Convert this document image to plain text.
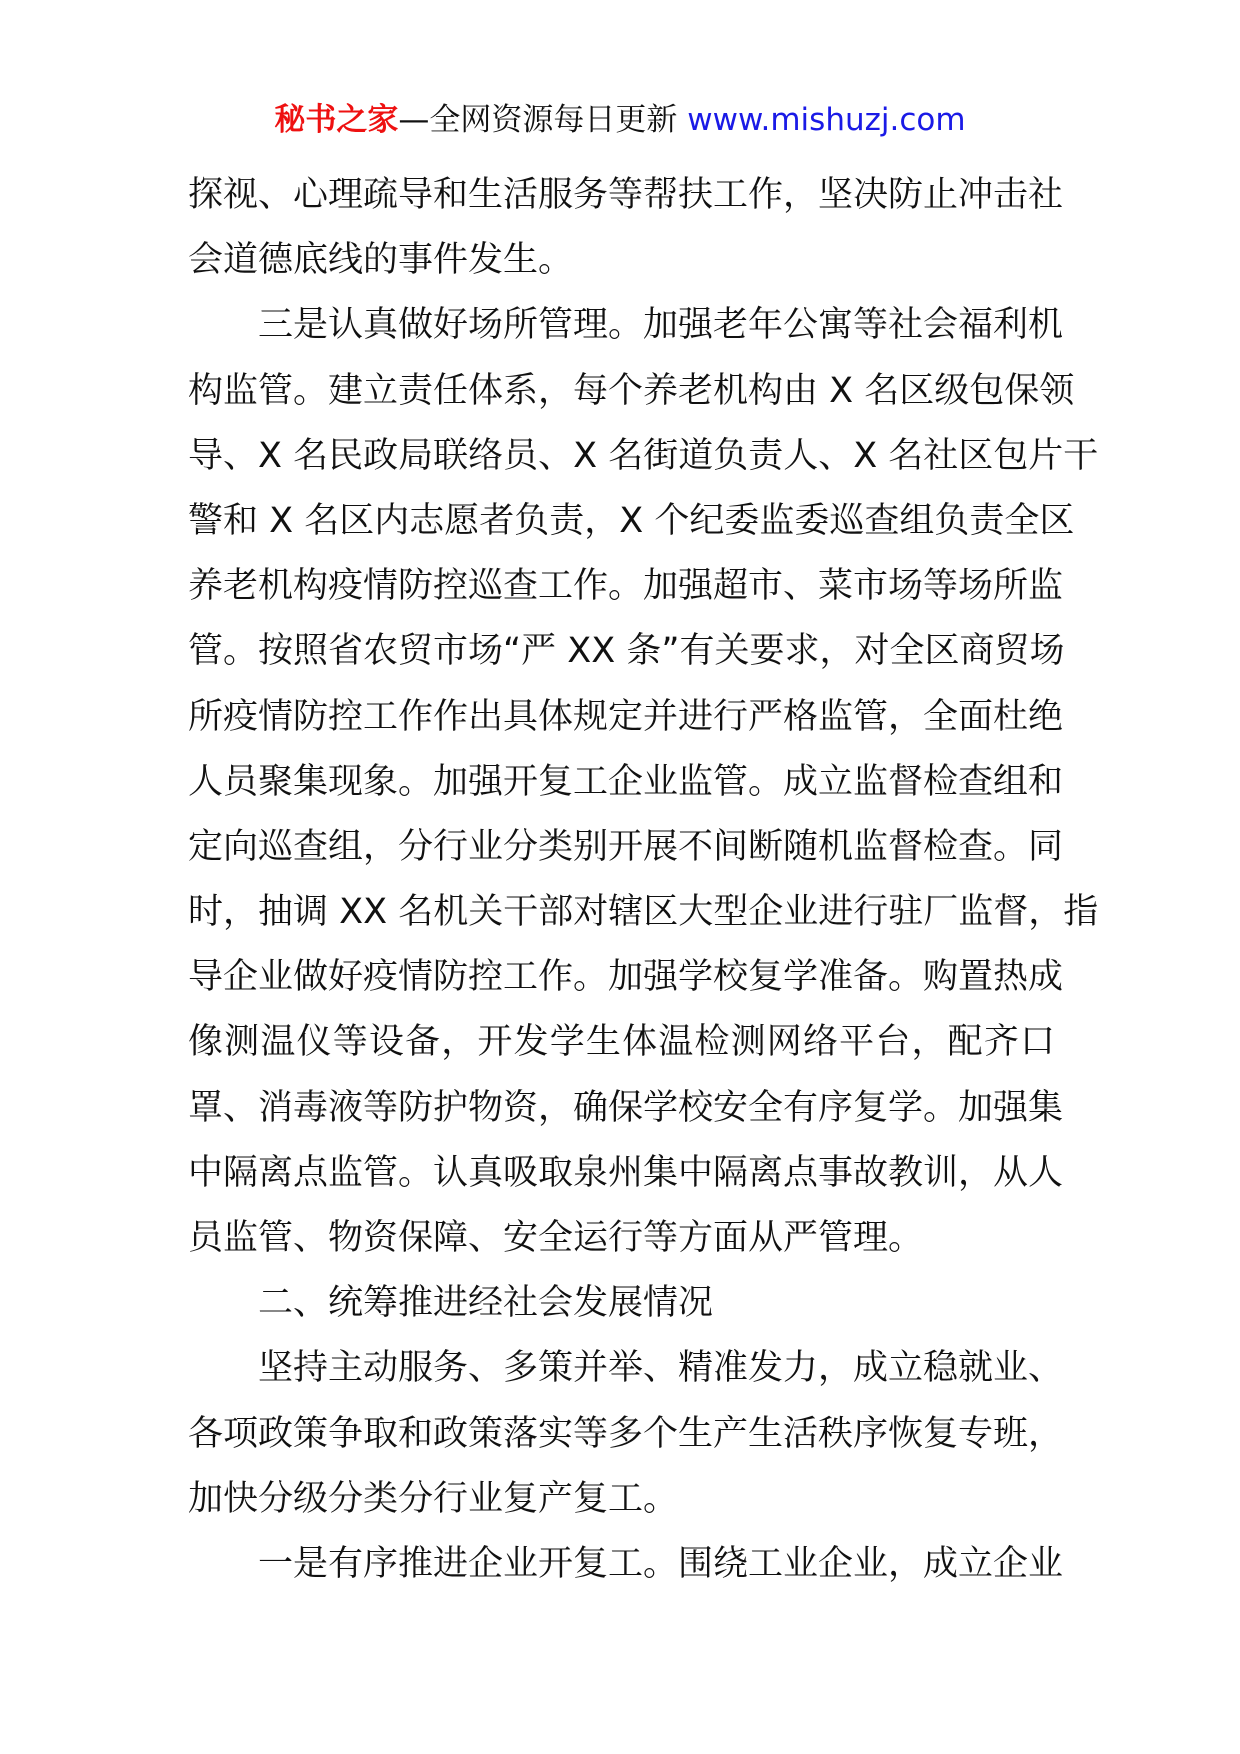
秘书之家—全网资源每日更新 www.mishuzj.com
探视、心理疏导和生活服务等帮扶工作，坚决防止冲击社
会道德底线的事件发生。
三是认真做好场所管理。加强老年公寓等社会福利机
构监管。建立责任体系，每个养老机构由 X 名区级包保领
导、X 名民政局联络员、X 名街道负责人、X 名社区包片干
警和 X 名区内志愿者负责，X 个纪委监委巡查组负责全区
养老机构疫情防控巡查工作。加强超市、菜市场等场所监
管。按照省农贸市场“严 XX 条”有关要求，对全区商贸场
所疫情防控工作作出具体规定并进行严格监管，全面杜绝
人员聚集现象。加强开复工企业监管。成立监督检查组和
定向巡查组，分行业分类别开展不间断随机监督检查。同
时，抽调 XX 名机关干部对辖区大型企业进行驻厂监督，指
导企业做好疫情防控工作。加强学校复学准备。购置热成
像测温仪等设备，开发学生体温检测网络平台，配齐口
罩、消毒液等防护物资，确保学校安全有序复学。加强集
中隔离点监管。认真吸取泉州集中隔离点事故教训，从人
员监管、物资保障、安全运行等方面从严管理。
二、统筹推进经社会发展情况
坚持主动服务、多策并举、精准发力，成立稳就业、
各项政策争取和政策落实等多个生产生活秩序恢复专班，
加快分级分类分行业复产复工。
一是有序推进企业开复工。围绕工业企业，成立企业
